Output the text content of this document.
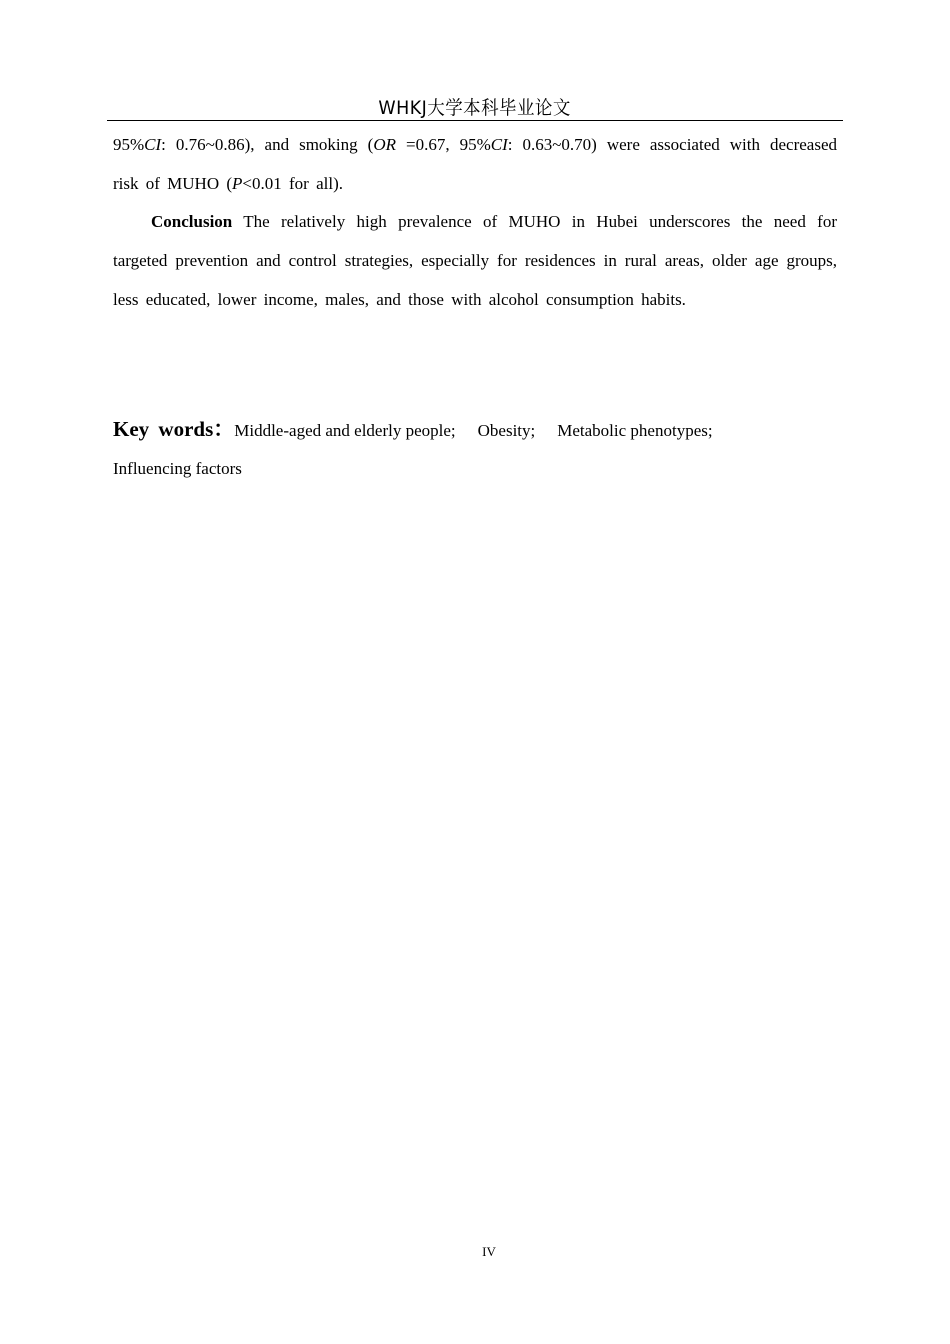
WHKJ大学本科毕业论文

95%CI: 0.76~0.86), and smoking (OR =0.67, 95%CI: 0.63~0.70) were associated with decreased risk of MUHO (P<0.01 for all).

Conclusion The relatively high prevalence of MUHO in Hubei underscores the need for targeted prevention and control strategies, especially for residences in rural areas, older age groups, less educated, lower income, males, and those with alcohol consumption habits.

Key words：Middle-aged and elderly people; Obesity; Metabolic phenotypes;
Influencing factors
IV
